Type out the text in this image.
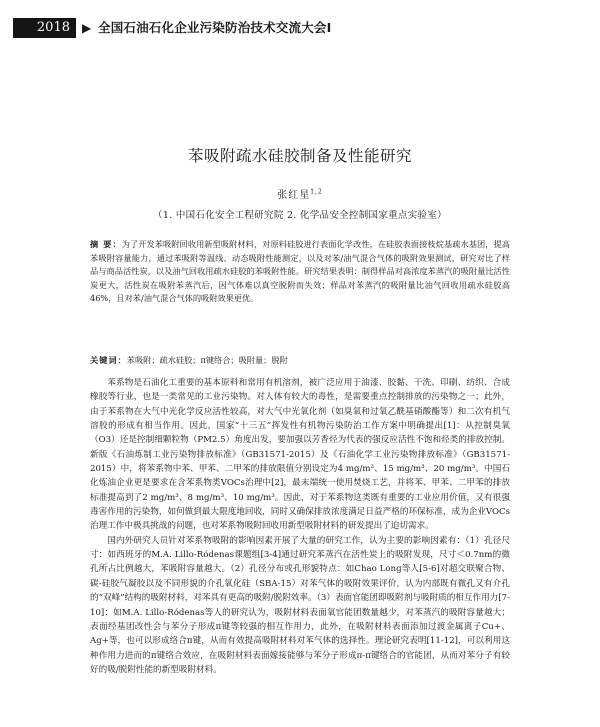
2018	▶ 全国石油石化企业污染防治技术交流大会Ⅰ
苯吸附疏水硅胶制备及性能研究
张红星$^{1,2}$
（1. 中国石化安全工程研究院 2. 化学品安全控制国家重点实验室）
摘 要：为了开发苯吸附回收用新型吸附材料，对原料硅胶进行表面化学改性，在硅胶表面接枝烷基疏水基团，提高苯吸附容量能力，通过苯吸附等温线、动态吸附性能测定，以及对苯/油气混合气体的吸附效果测试，研究对比了样品与商品活性炭，以及油气回收用疏水硅胶的苯吸附性能。研究结果表明：制得样品对高浓度苯蒸汽的吸附量比活性炭更大，活性炭在吸附苯蒸汽后，因气体难以真空脱附而失效；样品对苯蒸汽的吸附量比油气回收用疏水硅胶高46%，且对苯/油气混合气体的吸附效果更优。
关键词：苯吸附；疏水硅胶；π键络合；吸附量；脱附

苯系物是石油化工重要的基本原料和常用有机溶剂，被广泛应用于油漆、胶黏、干洗、印刷、纺织、合成橡胶等行业，也是一类常见的工业污染物。对人体有较大的毒性，是需要重点控制排放的污染物之一；此外，由于苯系物在大气中光化学反应活性较高，对大气中光氧化剂（如臭氧和过氧乙酰基硝酸酯等）和二次有机气溶胶的形成有相当作用。因此，国家“十三五”挥发性有机物污染防治工作方案中明确提出[1]：从控制臭氧（O3）还是控制细颗粒物（PM2.5）角度出发，要加强以芳香烃为代表的强反应活性不饱和烃类的排放控制。新版《石油炼制工业污染物排放标准》（GB31571-2015）及《石油化学工业污染物排放标准》（GB31571-2015）中，将苯系物中苯、甲苯、二甲苯的排放限值分别设定为4 mg/m³、15 mg/m³、20 mg/m³。中国石化炼油企业更是要求在含苯系物类VOCs治理中[2]，最末端统一使用焚烧工艺，并将苯、甲苯、二甲苯的排放标准提高到了2 mg/m³、8 mg/m³、10 mg/m³。因此，对于苯系物这类既有重要的工业应用价值，又有很强毒害作用的污染物，如何做到最大限度地回收，同时又确保排放浓度满足日益严格的环保标准，成为企业VOCs治理工作中极具挑战的问题，也对苯系物吸附回收用新型吸附材料的研发提出了迫切需求。

国内外研究人员针对苯系物吸附的影响因素开展了大量的研究工作，认为主要的影响因素有：（1）孔径尺寸：如西班牙的M.A. Lillo-Ródenas课题组[3-4]通过研究苯蒸汽在活性炭上的吸附发现，尺寸＜0.7nm的微孔所占比例越大，苯吸附容量越大。（2）孔径分布或孔形貌特点：如Chao Long等人[5-6]对超交联聚合物、碳-硅胶气凝胶以及不同形貌的介孔氧化硅（SBA-15）对苯气体的吸附效果评价，认为内部既有微孔又有介孔的“双峰”结构的吸附材料，对苯具有更高的吸附/脱附效率。（3）表面官能团即吸附剂与吸附质的相互作用力[7-10]：如M.A. Lillo-Ródenas等人的研究认为，吸附材料表面氧官能团数量越少，对苯蒸汽的吸附容量越大；表面经基团改性会与苯分子形成π键等较强的相互作用力，此外，在吸附材料表面添加过渡金属离子Cu+、Ag+等，也可以形成络合π键，从而有效提高吸附材料对苯气体的选择性。理论研究表明[11-12]，可以利用这种作用力进而的π键络合效应，在吸附材料表面嫁接能够与苯分子形成π-π键络合的官能团，从而对苯分子有较好的吸/脱附性能的新型吸附材料。
